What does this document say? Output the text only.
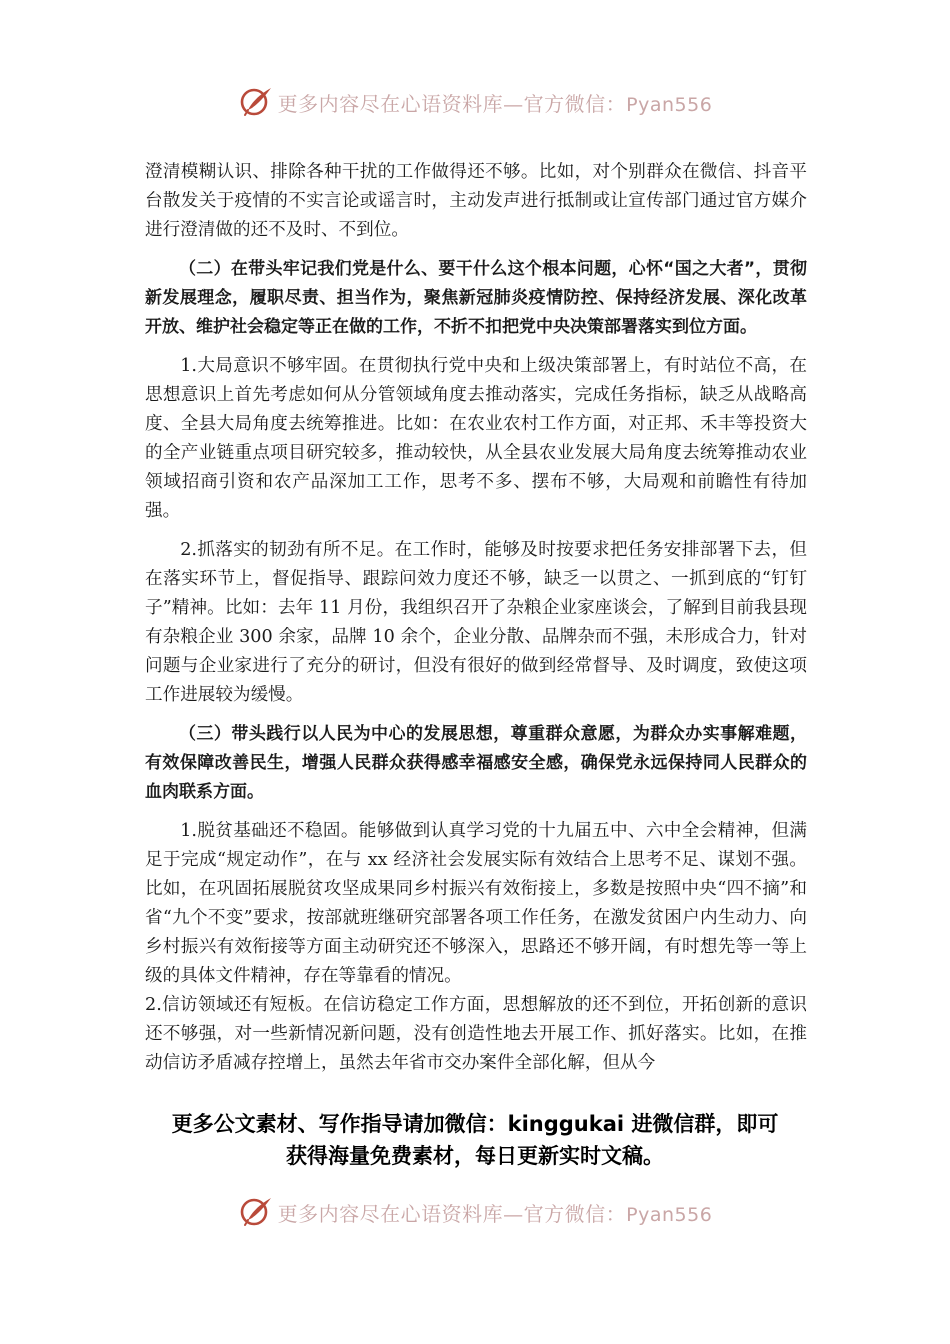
更多内容尽在心语资料库—官方微信：Pyan556

澄清模糊认识、排除各种干扰的工作做得还不够。比如，对个别群众在微信、抖音平台散发关于疫情的不实言论或谣言时，主动发声进行抵制或让宣传部门通过官方媒介进行澄清做的还不及时、不到位。

（二）在带头牢记我们党是什么、要干什么这个根本问题，心怀“国之大者”，贯彻新发展理念，履职尽责、担当作为，聚焦新冠肺炎疫情防控、保持经济发展、深化改革开放、维护社会稳定等正在做的工作，不折不扣把党中央决策部署落实到位方面。

1.大局意识不够牢固。在贯彻执行党中央和上级决策部署上，有时站位不高，在思想意识上首先考虑如何从分管领域角度去推动落实，完成任务指标，缺乏从战略高度、全县大局角度去统筹推进。比如：在农业农村工作方面，对正邦、禾丰等投资大的全产业链重点项目研究较多，推动较快，从全县农业发展大局角度去统筹推动农业领域招商引资和农产品深加工工作，思考不多、摆布不够，大局观和前瞻性有待加强。

2.抓落实的韧劲有所不足。在工作时，能够及时按要求把任务安排部署下去，但在落实环节上，督促指导、跟踪问效力度还不够，缺乏一以贯之、一抓到底的“钉钉子”精神。比如：去年 11 月份，我组织召开了杂粮企业家座谈会，了解到目前我县现有杂粮企业 300 余家，品牌 10 余个，企业分散、品牌杂而不强，未形成合力，针对问题与企业家进行了充分的研讨，但没有很好的做到经常督导、及时调度，致使这项工作进展较为缓慢。

（三）带头践行以人民为中心的发展思想，尊重群众意愿，为群众办实事解难题，有效保障改善民生，增强人民群众获得感幸福感安全感，确保党永远保持同人民群众的血肉联系方面。

1.脱贫基础还不稳固。能够做到认真学习党的十九届五中、六中全会精神，但满足于完成“规定动作”，在与 xx 经济社会发展实际有效结合上思考不足、谋划不强。比如，在巩固拓展脱贫攻坚成果同乡村振兴有效衔接上，多数是按照中央“四不摘”和省“九个不变”要求，按部就班继研究部署各项工作任务，在激发贫困户内生动力、向乡村振兴有效衔接等方面主动研究还不够深入，思路还不够开阔，有时想先等一等上级的具体文件精神，存在等靠看的情况。

2.信访领域还有短板。在信访稳定工作方面，思想解放的还不到位，开拓创新的意识还不够强，对一些新情况新问题，没有创造性地去开展工作、抓好落实。比如，在推动信访矛盾减存控增上，虽然去年省市交办案件全部化解，但从今

更多公文素材、写作指导请加微信：kinggukai 进微信群，即可
获得海量免费素材，每日更新实时文稿。
更多内容尽在心语资料库—官方微信：Pyan556
